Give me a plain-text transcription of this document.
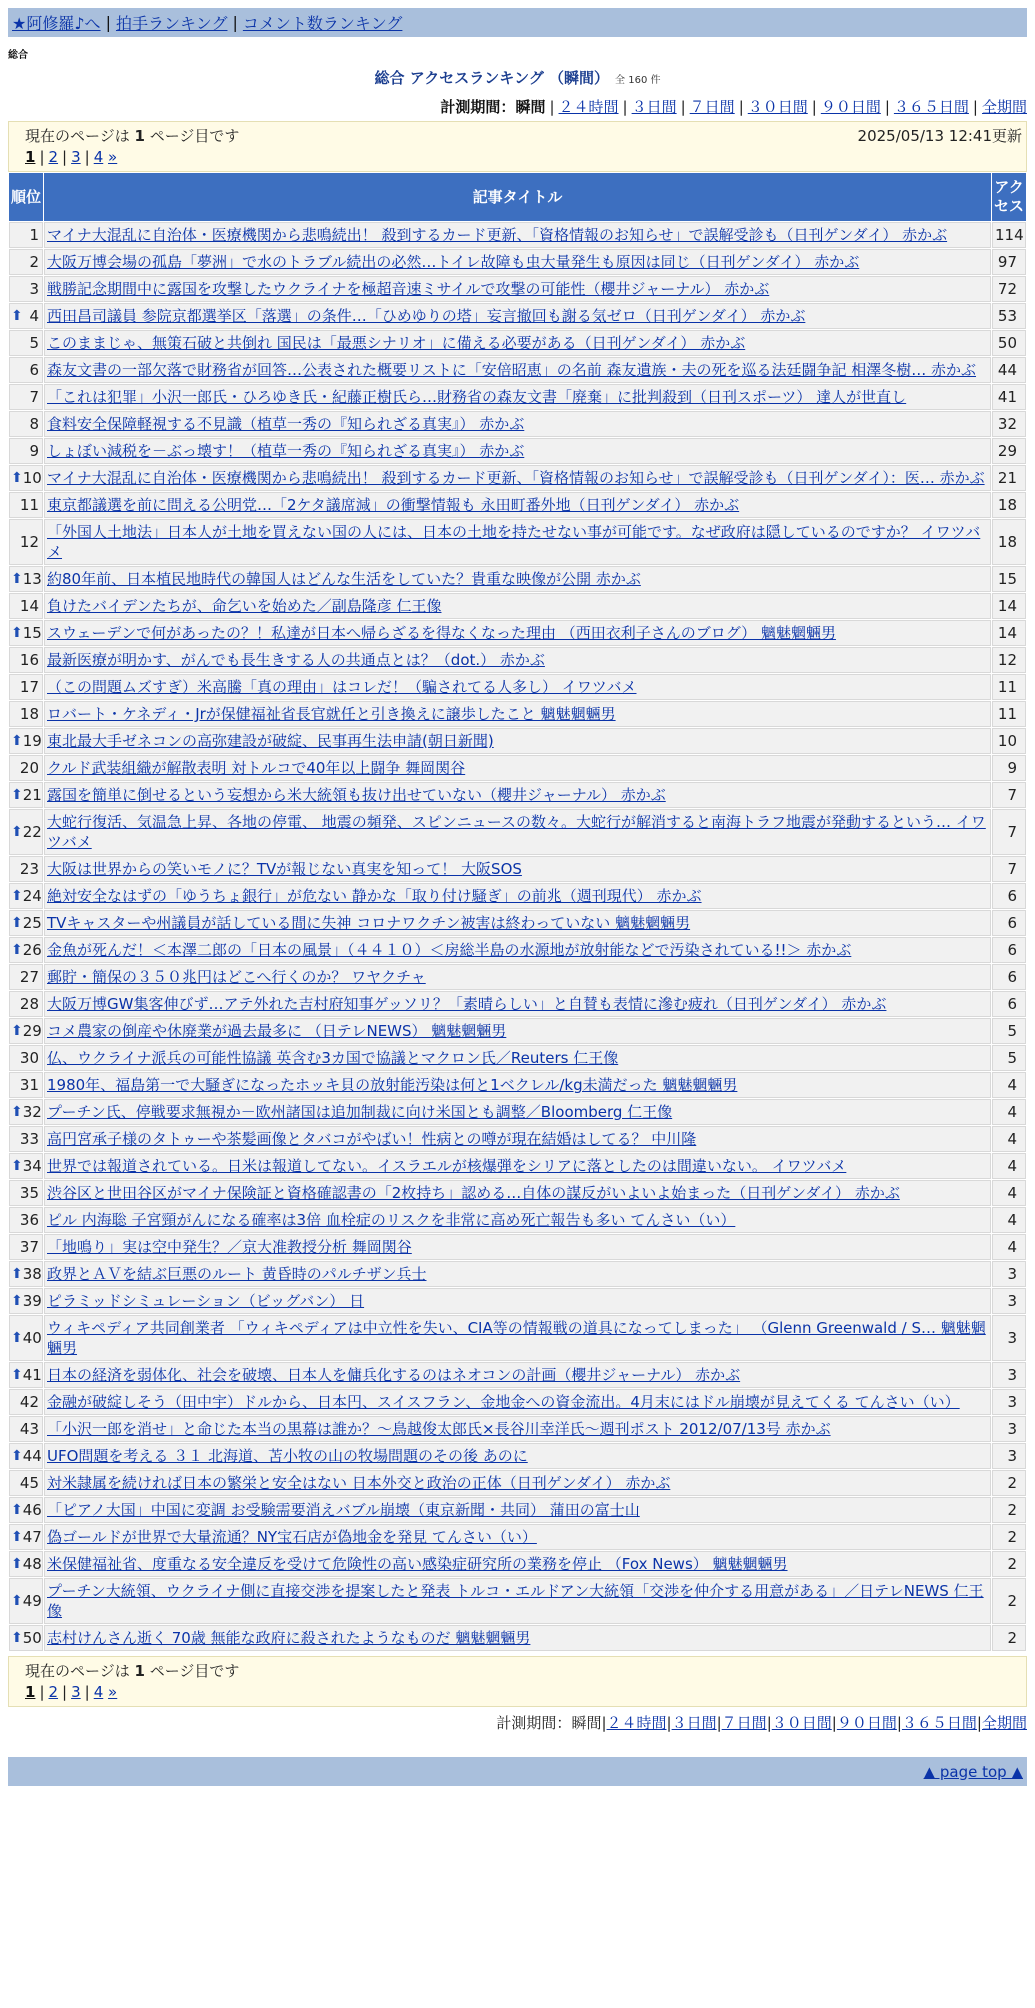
★阿修羅♪へ | 拍手ランキング | コメント数ランキング
総合
総合 アクセスランキング （瞬間） 全 160 件
計測期間：瞬間 | ２４時間 | ３日間 | ７日間 | ３０日間 | ９０日間 | ３６５日間 | 全期間
現在のページは 1 ページ目です	2025/05/13 12:41更新
1 | 2 | 3 | 4
»
順位	記事タイトル	アクセス
1	マイナ大混乱に自治体・医療機関から悲鳴続出！ 殺到するカード更新、「資格情報のお知らせ」で誤解受診も（日刊ゲンダイ） 赤かぶ	114
2	大阪万博会場の孤島「夢洲」で水のトラブル続出の必然…トイレ故障も虫大量発生も原因は同じ（日刊ゲンダイ） 赤かぶ	97
3	戦勝記念期間中に露国を攻撃したウクライナを極超音速ミサイルで攻撃の可能性（櫻井ジャーナル） 赤かぶ	72

⬆ 4	西田昌司議員 参院京都選挙区「落選」の条件…「ひめゆりの塔」妄言撤回も謝る気ゼロ（日刊ゲンダイ） 赤かぶ	53
5	このままじゃ、無策石破と共倒れ 国民は「最悪シナリオ」に備える必要がある（日刊ゲンダイ） 赤かぶ	50
6	森友文書の一部欠落で財務省が回答…公表された概要リストに「安倍昭恵」の名前 森友遺族・夫の死を巡る法廷闘争記 相澤冬樹… 赤かぶ	44
7	「これは犯罪」小沢一郎氏・ひろゆき氏・紀藤正樹氏ら…財務省の森友文書「廃棄」に批判殺到（日刊スポーツ） 達人が世直し	41
8	食料安全保障軽視する不見識（植草一秀の『知られざる真実』） 赤かぶ	32
9	しょぼい減税を－ぶっ壊す！（植草一秀の『知られざる真実』） 赤かぶ	29

⬆ 10	マイナ大混乱に自治体・医療機関から悲鳴続出！ 殺到するカード更新、「資格情報のお知らせ」で誤解受診も（日刊ゲンダイ）：医… 赤かぶ	21
11	東京都議選を前に問える公明党…「2ケタ議席減」の衝撃情報も 永田町番外地（日刊ゲンダイ） 赤かぶ	18
12	「外国人土地法」日本人が土地を買えない国の人には、日本の土地を持たせない事が可能です。なぜ政府は隠しているのですか？ イワツバメ	18

⬆ 13	約80年前、日本植民地時代の韓国人はどんな生活をしていた？貴重な映像が公開 赤かぶ	15
14	負けたバイデンたちが、命乞いを始めた／副島隆彦 仁王像	14

⬆ 15	スウェーデンで何があったの？！私達が日本へ帰らざるを得なくなった理由 （西田衣利子さんのブログ） 魑魅魍魎男	14
16	最新医療が明かす、がんでも長生きする人の共通点とは？（dot.） 赤かぶ	12
17	（この問題ムズすぎ）米高騰「真の理由」はコレだ！（騙されてる人多し） イワツバメ	11
18	ロバート・ケネディ・Jrが保健福祉省長官就任と引き換えに譲歩したこと 魑魅魍魎男	11

⬆ 19	東北最大手ゼネコンの高弥建設が破綻、民事再生法申請(朝日新聞)	10
20	クルド武装組織が解散表明 対トルコで40年以上闘争 舞岡関谷	9

⬆ 21	露国を簡単に倒せるという妄想から米大統領も抜け出せていない（櫻井ジャーナル） 赤かぶ	7

⬆ 22	大蛇行復活、気温急上昇、各地の停電、 地震の頻発、スピンニュースの数々。大蛇行が解消すると南海トラフ地震が発動するという… イワツバメ	7
23	大阪は世界からの笑いモノに？TVが報じない真実を知って！ 大阪SOS	7

⬆ 24	絶対安全なはずの「ゆうちょ銀行」が危ない 静かな「取り付け騒ぎ」の前兆（週刊現代） 赤かぶ	6

⬆ 25	TVキャスターや州議員が話している間に失神 コロナワクチン被害は終わっていない 魑魅魍魎男	6

⬆ 26	金魚が死んだ！＜本澤二郎の「日本の風景」（４４１０）＜房総半島の水源地が放射能などで汚染されている!!＞ 赤かぶ	6
27	郵貯・簡保の３５０兆円はどこへ行くのか？ ワヤクチャ	6
28	大阪万博GW集客伸びず…アテ外れた吉村府知事ゲッソリ？「素晴らしい」と自賛も表情に滲む疲れ（日刊ゲンダイ） 赤かぶ	6

⬆ 29	コメ農家の倒産や休廃業が過去最多に （日テレNEWS） 魑魅魍魎男	5
30	仏、ウクライナ派兵の可能性協議 英含む3カ国で協議とマクロン氏／Reuters 仁王像	5
31	1980年、福島第一で大騒ぎになったホッキ貝の放射能汚染は何と1ベクレル/kg未満だった 魑魅魍魎男	4

⬆ 32	プーチン氏、停戦要求無視か－欧州諸国は追加制裁に向け米国とも調整／Bloomberg 仁王像	4
33	高円宮承子様のタトゥーや茶髪画像とタバコがやばい！性病との噂が現在結婚はしてる？ 中川隆	4

⬆ 34	世界では報道されている。日米は報道してない。イスラエルが核爆弾をシリアに落としたのは間違いない。 イワツバメ	4
35	渋谷区と世田谷区がマイナ保険証と資格確認書の「2枚持ち」認める…自体の謀反がいよいよ始まった（日刊ゲンダイ） 赤かぶ	4
36	ピル 内海聡 子宮頸がんになる確率は3倍 血栓症のリスクを非常に高め死亡報告も多い てんさい（い）	4
37	「地鳴り」実は空中発生？／京大准教授分析 舞岡関谷	4

⬆ 38	政界とＡＶを結ぶ巨悪のルート 黄昏時のパルチザン兵士	3

⬆ 39	ピラミッドシミュレーション（ビッグバン） 日	3

⬆ 40	ウィキペディア共同創業者 「ウィキペディアは中立性を失い、CIA等の情報戦の道具になってしまった」 （Glenn Greenwald / S… 魑魅魍魎男	3

⬆ 41	日本の経済を弱体化、社会を破壊、日本人を傭兵化するのはネオコンの計画（櫻井ジャーナル） 赤かぶ	3
42	金融が破綻しそう（田中宇）ドルから、日本円、スイスフラン、金地金への資金流出。4月末にはドル崩壊が見えてくる てんさい（い）	3
43	「小沢一郎を消せ」と命じた本当の黒幕は誰か？～鳥越俊太郎氏×長谷川幸洋氏～週刊ポスト 2012/07/13号 赤かぶ	3

⬆ 44	UFO問題を考える ３１ 北海道、苫小牧の山の牧場問題のその後 あのに	3
45	対米隷属を続ければ日本の繁栄と安全はない 日本外交と政治の正体（日刊ゲンダイ） 赤かぶ	2

⬆ 46	「ピアノ大国」中国に変調 お受験需要消えバブル崩壊（東京新聞・共同） 蒲田の富士山	2

⬆ 47	偽ゴールドが世界で大量流通？NY宝石店が偽地金を発見 てんさい（い）	2

⬆ 48	米保健福祉省、度重なる安全違反を受けて危険性の高い感染症研究所の業務を停止 （Fox News） 魑魅魍魎男	2

⬆ 49	プーチン大統領、ウクライナ側に直接交渉を提案したと発表 トルコ・エルドアン大統領「交渉を仲介する用意がある」／日テレNEWS 仁王像	2

⬆ 50	志村けんさん逝く 70歳 無能な政府に殺されたようなものだ 魑魅魍魎男	2
現在のページは 1 ページ目です
1 | 2 | 3 | 4
»
計測期間：瞬間|２４時間|３日間|７日間|３０日間|９０日間|３６５日間|全期間
▲ page top ▲
